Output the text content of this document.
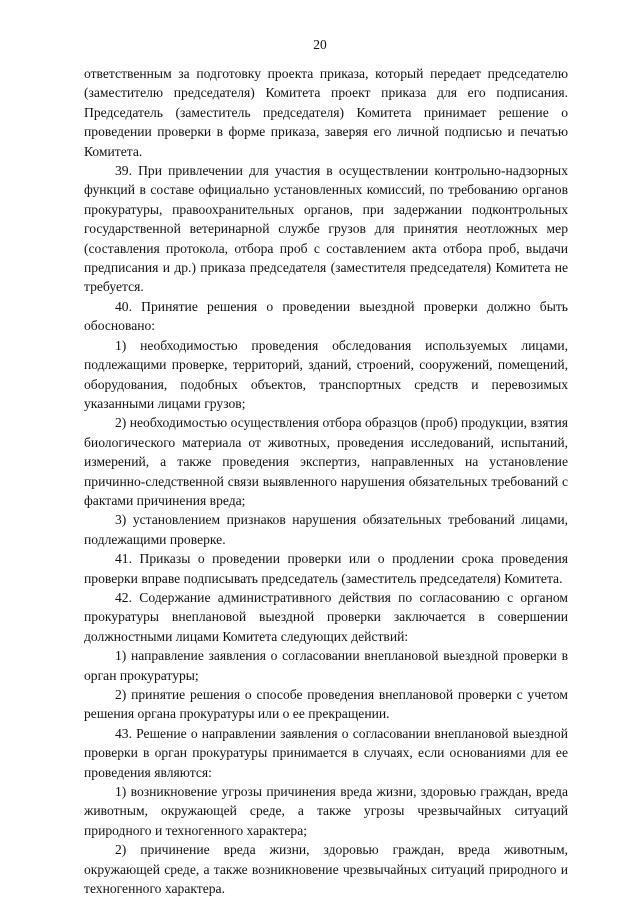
20

ответственным за подготовку проекта приказа, который передает председателю (заместителю председателя) Комитета проект приказа для его подписания. Председатель (заместитель председателя) Комитета принимает решение о проведении проверки в форме приказа, заверяя его личной подписью и печатью Комитета.

39. При привлечении для участия в осуществлении контрольно-надзорных функций в составе официально установленных комиссий, по требованию органов прокуратуры, правоохранительных органов, при задержании подконтрольных государственной ветеринарной службе грузов для принятия неотложных мер (составления протокола, отбора проб с составлением акта отбора проб, выдачи предписания и др.) приказа председателя (заместителя председателя) Комитета не требуется.

40. Принятие решения о проведении выездной проверки должно быть обосновано:

1) необходимостью проведения обследования используемых лицами, подлежащими проверке, территорий, зданий, строений, сооружений, помещений, оборудования, подобных объектов, транспортных средств и перевозимых указанными лицами грузов;

2) необходимостью осуществления отбора образцов (проб) продукции, взятия биологического материала от животных, проведения исследований, испытаний, измерений, а также проведения экспертиз, направленных на установление причинно-следственной связи выявленного нарушения обязательных требований с фактами причинения вреда;

3) установлением признаков нарушения обязательных требований лицами, подлежащими проверке.

41. Приказы о проведении проверки или о продлении срока проведения проверки вправе подписывать председатель (заместитель председателя) Комитета.

42. Содержание административного действия по согласованию с органом прокуратуры внеплановой выездной проверки заключается в совершении должностными лицами Комитета следующих действий:

1) направление заявления о согласовании внеплановой выездной проверки в орган прокуратуры;

2) принятие решения о способе проведения внеплановой проверки с учетом решения органа прокуратуры или о ее прекращении.

43. Решение о направлении заявления о согласовании внеплановой выездной проверки в орган прокуратуры принимается в случаях, если основаниями для ее проведения являются:

1) возникновение угрозы причинения вреда жизни, здоровью граждан, вреда животным, окружающей среде, а также угрозы чрезвычайных ситуаций природного и техногенного характера;

2) причинение вреда жизни, здоровью граждан, вреда животным, окружающей среде, а также возникновение чрезвычайных ситуаций природного и техногенного характера.
